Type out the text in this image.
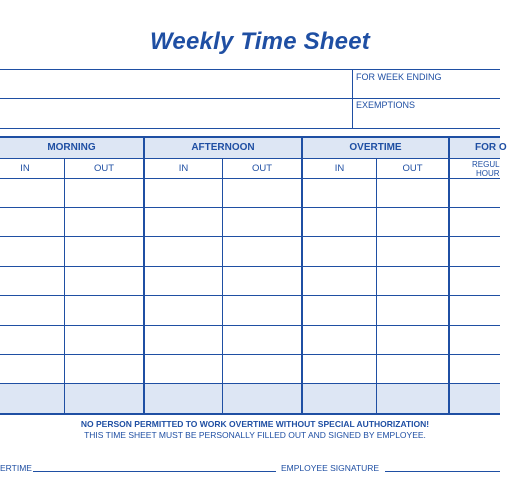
Weekly Time Sheet
FOR WEEK ENDING
EXEMPTIONS
MORNING	AFTERNOON	OVERTIME	FOR O
IN	OUT	IN	OUT	IN	OUT	REGUL
HOUR
NO PERSON PERMITTED TO WORK OVERTIME WITHOUT SPECIAL AUTHORIZATION!
THIS TIME SHEET MUST BE PERSONALLY FILLED OUT AND SIGNED BY EMPLOYEE.
ERTIME	EMPLOYEE SIGNATURE
